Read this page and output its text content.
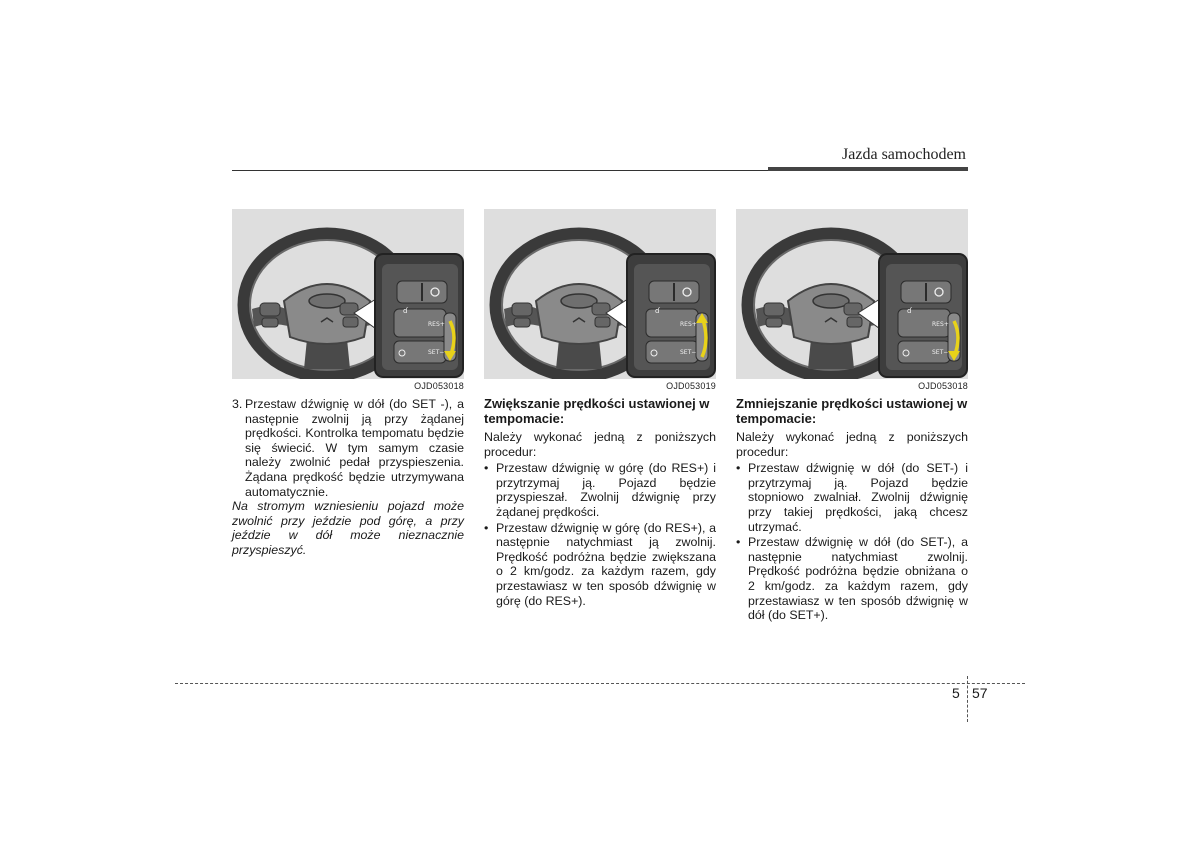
Jazda samochodem
RES+
SET−
OJD053018
3. Przestaw dźwignię w dół (do SET -), a następnie zwolnij ją przy żądanej prędkości. Kontrolka tempomatu będzie się świecić. W tym samym czasie należy zwolnić pedał przyspieszenia. Żądana prędkość będzie utrzymywana automatycznie.
Na stromym wzniesieniu pojazd może zwolnić przy jeździe pod górę, a przy jeździe w dół może nieznacznie przyspieszyć.
RES+
SET−
OJD053019
Zwiększanie prędkości ustawionej w tempomacie:
Należy wykonać jedną z poniższych procedur:
• Przestaw dźwignię w górę (do RES+) i przytrzymaj ją. Pojazd będzie przyspieszał. Zwolnij dźwignię przy żądanej prędkości.
• Przestaw dźwignię w górę (do RES+), a następnie natychmiast ją zwolnij. Prędkość podróżna będzie zwiększana o 2 km/godz. za każdym razem, gdy przestawiasz w ten sposób dźwignię w górę (do RES+).
RES+
SET−
OJD053018
Zmniejszanie prędkości ustawionej w tempomacie:
Należy wykonać jedną z poniższych procedur:
• Przestaw dźwignię w dół (do SET-) i przytrzymaj ją. Pojazd będzie stopniowo zwalniał. Zwolnij dźwignię przy takiej prędkości, jaką chcesz utrzymać.
• Przestaw dźwignię w dół (do SET-), a następnie natychmiast zwolnij. Prędkość podróżna będzie obniżana o 2 km/godz. za każdym razem, gdy przestawiasz w ten sposób dźwignię w dół (do SET+).
5 57
